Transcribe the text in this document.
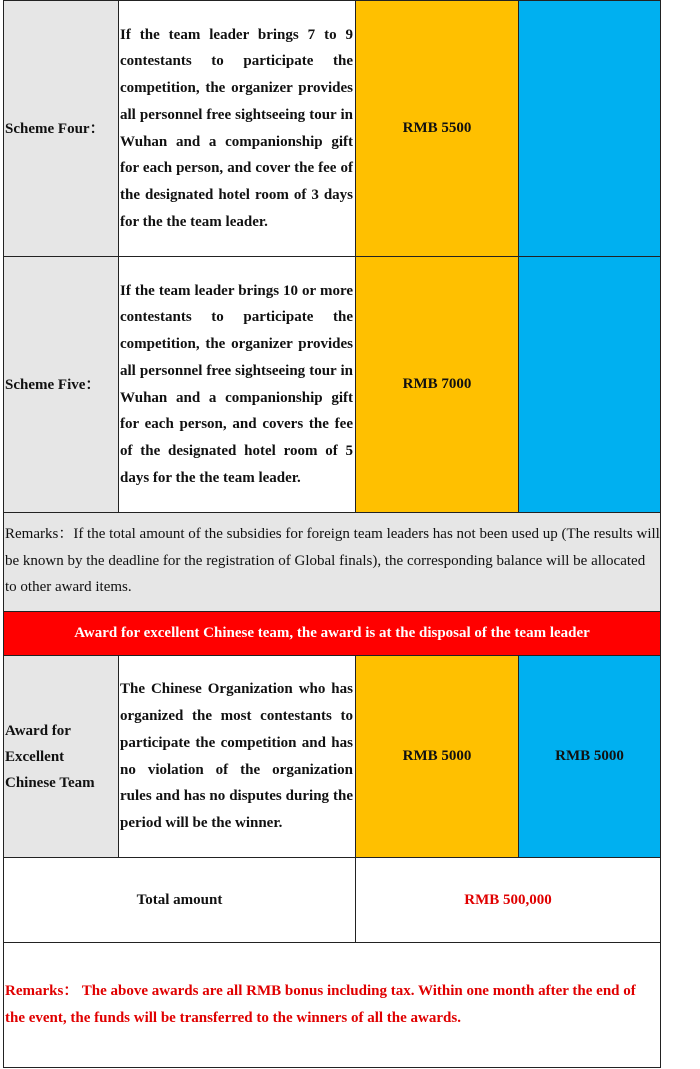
Scheme Four：	If the team leader brings 7 to 9 contestants to participate the competition, the organizer provides all personnel free sightseeing tour in Wuhan and a companionship gift for each person, and cover the fee of the designated hotel room of 3 days for the the team leader.	RMB 5500	
Scheme Five：	If the team leader brings 10 or more contestants to participate the competition, the organizer provides all personnel free sightseeing tour in Wuhan and a companionship gift for each person, and covers the fee of the designated hotel room of 5 days for the the team leader.	RMB 7000	
Remarks：If the total amount of the subsidies for foreign team leaders has not been used up (The results will be known by the deadline for the registration of Global finals), the corresponding balance will be allocated to other award items.			
Award for excellent Chinese team, the award is at the disposal of the team leader			
Award for Excellent Chinese Team	The Chinese Organization who has organized the most contestants to participate the competition and has no violation of the organization rules and has no disputes during the period will be the winner.	RMB 5000	RMB 5000
Total amount		RMB 500,000	
Remarks： The above awards are all RMB bonus including tax. Within one month after the end of the event, the funds will be transferred to the winners of all the awards.			
